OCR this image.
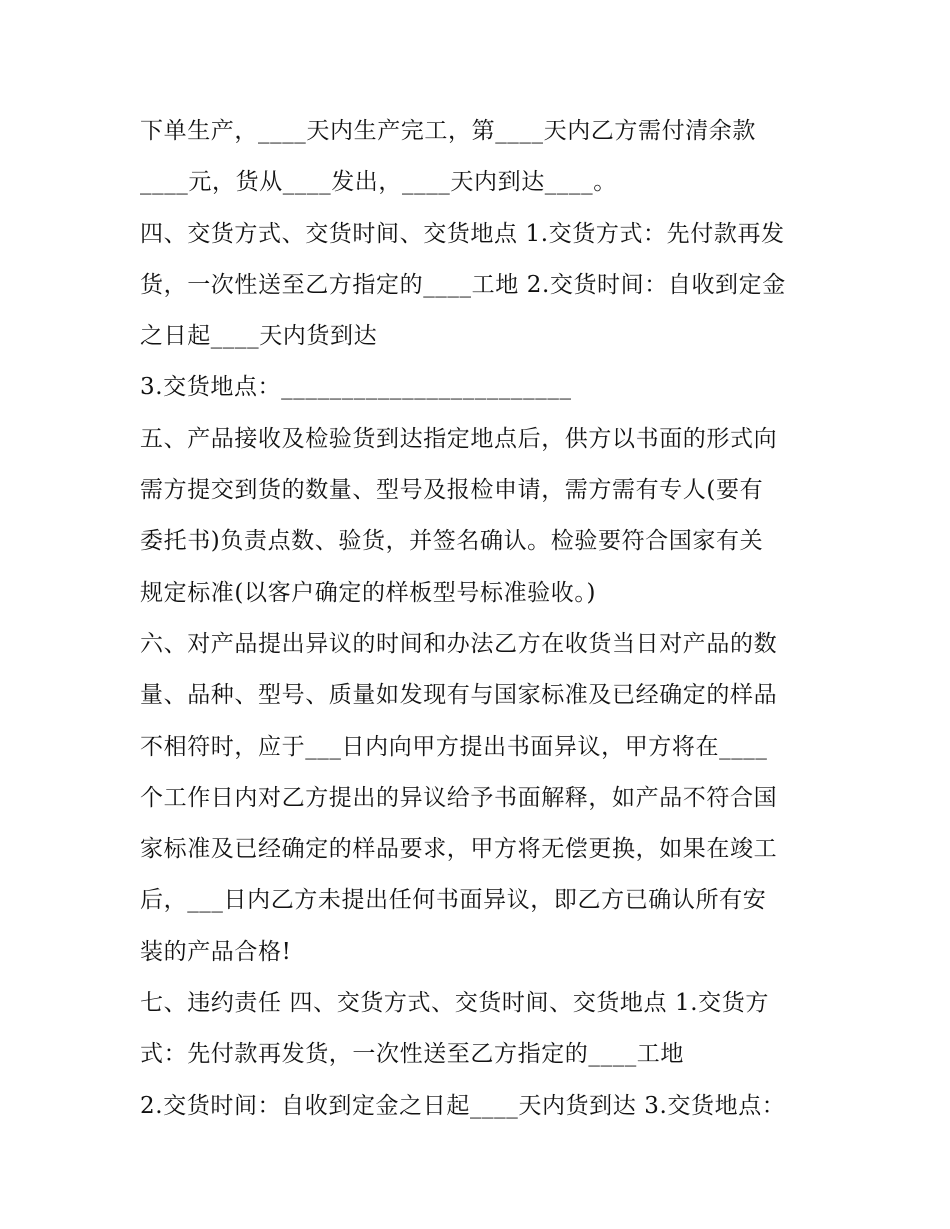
下单生产，____天内生产完工，第____天内乙方需付清余款
____元，货从____发出，____天内到达____。
四、交货方式、交货时间、交货地点 1.交货方式：先付款再发
货，一次性送至乙方指定的____工地 2.交货时间：自收到定金
之日起____天内货到达
3.交货地点：________________________
五、产品接收及检验货到达指定地点后，供方以书面的形式向
需方提交到货的数量、型号及报检申请，需方需有专人(要有
委托书)负责点数、验货，并签名确认。检验要符合国家有关
规定标准(以客户确定的样板型号标准验收。)
六、对产品提出异议的时间和办法乙方在收货当日对产品的数
量、品种、型号、质量如发现有与国家标准及已经确定的样品
不相符时，应于___日内向甲方提出书面异议，甲方将在____
个工作日内对乙方提出的异议给予书面解释，如产品不符合国
家标准及已经确定的样品要求，甲方将无偿更换，如果在竣工
后，___日内乙方未提出任何书面异议，即乙方已确认所有安
装的产品合格!
七、违约责任 四、交货方式、交货时间、交货地点 1.交货方
式：先付款再发货，一次性送至乙方指定的____工地
2.交货时间：自收到定金之日起____天内货到达 3.交货地点：
